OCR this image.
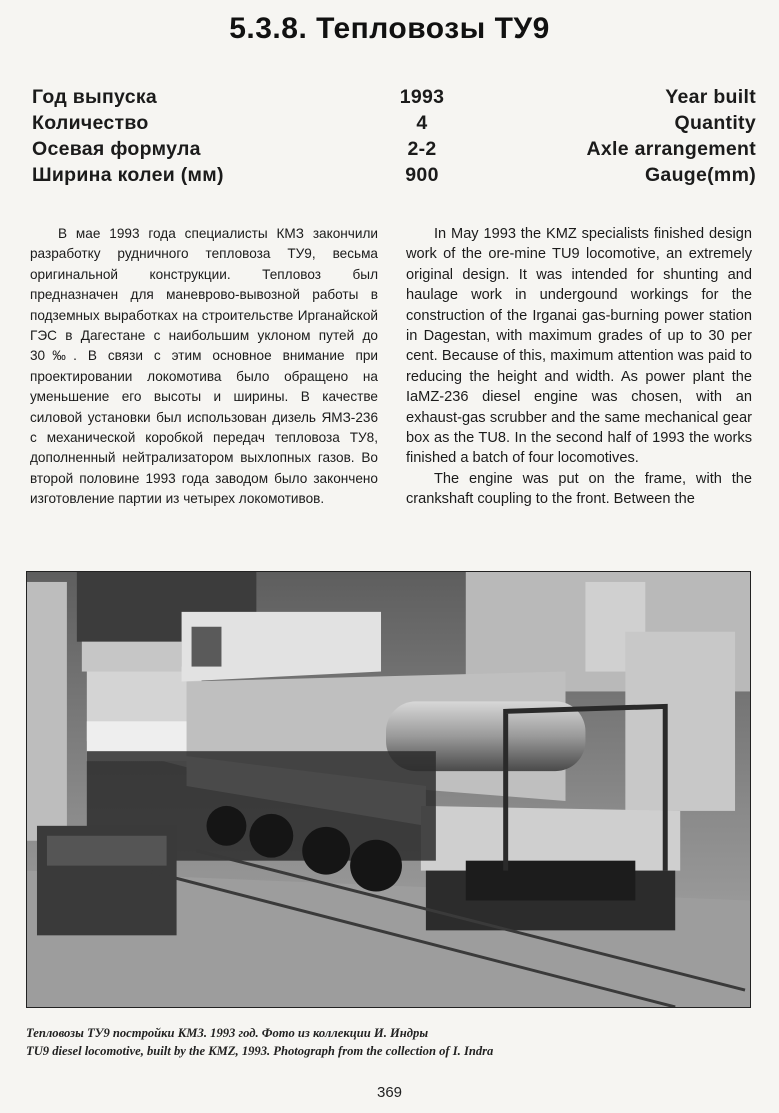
5.3.8. Тепловозы ТУ9
Год выпуска	1993	Year built
Количество	4	Quantity
Осевая формула	2-2	Axle arrangement
Ширина колеи (мм)	900	Gauge(mm)

В мае 1993 года специалисты КМЗ закончили разработку рудничного тепловоза ТУ9, весьма оригинальной конструкции. Тепловоз был предназначен для маневрово-вывозной работы в подземных выработках на строительстве Ирганайской ГЭС в Дагестане с наибольшим уклоном путей до 30‰. В связи с этим основное внимание при проектировании локомотива было обращено на уменьшение его высоты и ширины. В качестве силовой установки был использован дизель ЯМЗ-236 с механической коробкой передач тепловоза ТУ8, дополненный нейтрализатором выхлопных газов. Во второй половине 1993 года заводом было закончено изготовление партии из четырех локомотивов.

In May 1993 the KMZ specialists finished design work of the ore-mine TU9 locomotive, an extremely original design. It was intended for shunting and haulage work in undergound workings for the construction of the Irganai gas-burning power station in Dagestan, with maximum grades of up to 30 per cent. Because of this, maximum attention was paid to reducing the height and width. As power plant the IaMZ-236 diesel engine was chosen, with an exhaust-gas scrubber and the same mechanical gear box as the TU8. In the second half of 1993 the works finished a batch of four locomotives.

The engine was put on the frame, with the crankshaft coupling to the front. Between the

Тепловозы ТУ9 постройки КМЗ. 1993 год. Фото из коллекции И. Индры
TU9 diesel locomotive, built by the KMZ, 1993. Photograph from the collection of I. Indra
369
